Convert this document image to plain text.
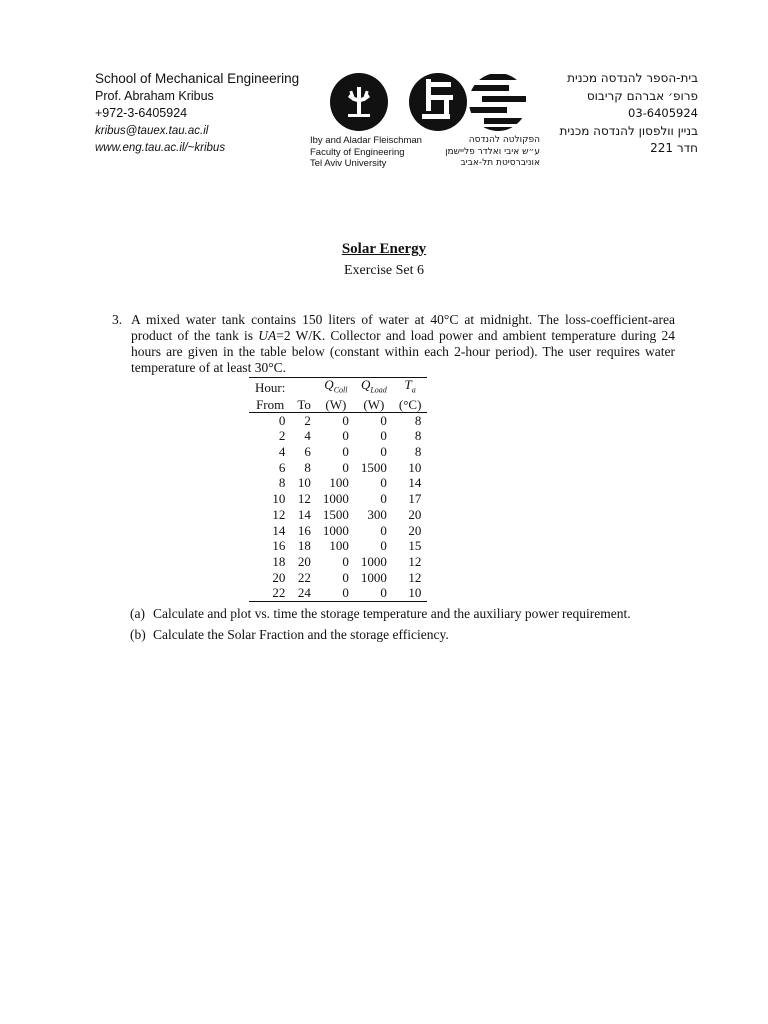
School of Mechanical Engineering
Prof. Abraham Kribus
+972-3-6405924
kribus@tauex.tau.ac.il
www.eng.tau.ac.il/~kribus
Iby and Aladar Fleischman
Faculty of Engineering
Tel Aviv University
הפקולטה להנדסה
ע״ש איבי ואלדר פליישמן
אוניברסיטת תל-אביב
בית-הספר להנדסה מכנית
פרופ׳ אברהם קריבוס
03-6405924
בניין וולפסון להנדסה מכנית
חדר 221
Solar Energy
Exercise Set 6
3. A mixed water tank contains 150 liters of water at 40°C at midnight. The loss-coefficient-area product of the tank is UA=2 W/K. Collector and load power and ambient temperature during 24 hours are given in the table below (constant within each 2-hour period). The user requires water temperature of at least 30°C.
Hour:		$Q_{Coll}$	$Q_{Load}$	$T_a$
From	To	(W)	(W)	(°C)
0	2	0	0	8
2	4	0	0	8
4	6	0	0	8
6	8	0	1500	10
8	10	100	0	14
10	12	1000	0	17
12	14	1500	300	20
14	16	1000	0	20
16	18	100	0	15
18	20	0	1000	12
20	22	0	1000	12
22	24	0	0	10
(a) Calculate and plot vs. time the storage temperature and the auxiliary power requirement.
(b) Calculate the Solar Fraction and the storage efficiency.
